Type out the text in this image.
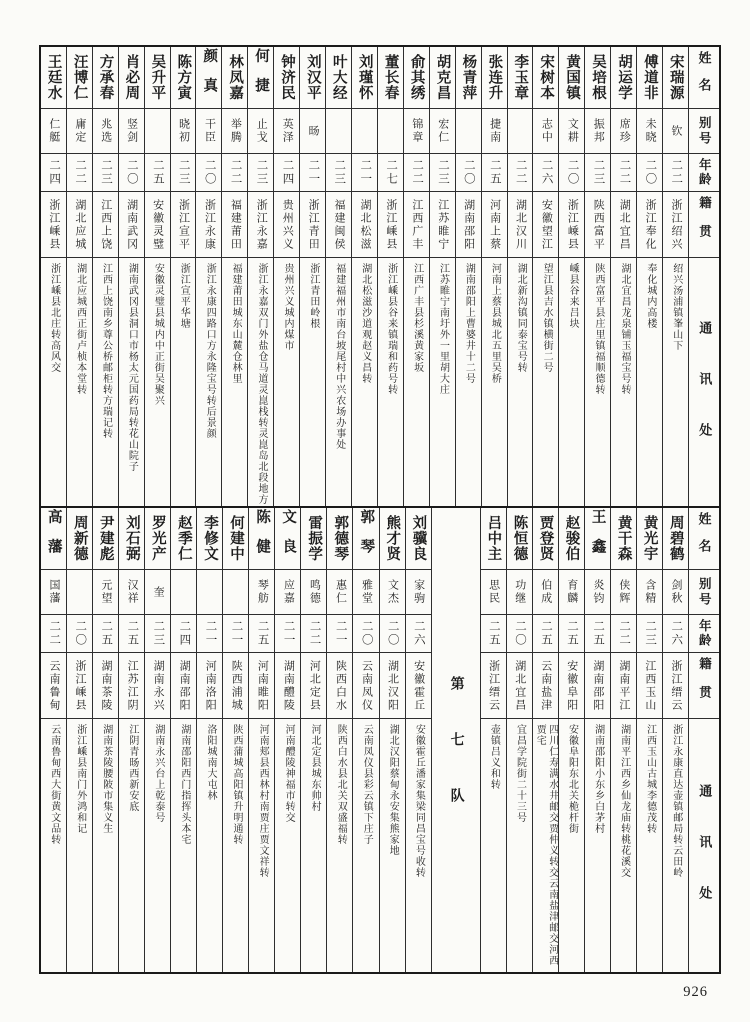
姓名
别号
年龄
籍贯
通讯处
宋瑞源
钦
二二
浙江绍兴
绍兴汤浦镇峯山下
傅道非
未晓
二〇
浙江奉化
奉化城内高楼
胡运学
席珍
二二
湖北宜昌
湖北宜昌龙泉铺玉福宝号转
吴培根
振邦
二三
陕西富平
陕西富平县庄里镇福顺德转
黄国镇
文耕
二〇
浙江嵊县
嵊县谷来吕块
宋树本
志中
二六
安徽望江
望江县吉水镇横街二号
李玉章
二二
湖北汉川
湖北新沟镇同泰宝号转
张连升
捷南
二五
河南上蔡
河南上蔡县城北五里吴桥
杨青萍
二〇
湖南邵阳
湖南邵阳上曹婆井十二号
胡克昌
宏仁
二三
江苏睢宁
江苏睢宁南圩外一里胡大庄
俞其绣
锦章
二二
江西广丰
江西广丰县杉溪黄家坂
董长春
二七
浙江嵊县
浙江嵊县谷来镇瑞和药号转
刘瑾怀
二一
湖北松滋
湖北松滋沙道观赵义昌转
叶大经
二三
福建闽侯
福建福州市南台坡尾村中兴农场办事处
刘汉平
旸
二一
浙江青田
浙江青田岭根
钟济民
英泽
二四
贵州兴义
贵州兴义城内煤市
何捷
止戈
二三
浙江永嘉
浙江永嘉双门外盐仓马道灵崑栈转灵崑岛北段地方
林凤嘉
举腾
二二
福建莆田
福建莆田城东山麓仓林里
颜真
干臣
二〇
浙江永康
浙江永康四路口方永隆宝号转后景颜
陈方寅
晓初
二三
浙江宣平
浙江宣平华塘
吴升平
二五
安徽灵璧
安徽灵璧县城内中正街吴聚兴
肖必周
竖剑
二〇
湖南武冈
湖南武冈县洞口市杨太元国药局转花山院子
方承春
兆选
二三
江西上饶
江西上饶南乡尊公桥邮柜转方瑞记转
汪博仁
庸定
二二
湖北应城
湖北应城西正街卢桢本堂转
王廷水
仁艇
二四
浙江嵊县
浙江嵊县北庄转高风交
姓名
别号
年龄
籍贯
通讯处
周碧鹤
剑秋
二六
浙江缙云
浙江永康直达壶镇邮局转云田岭
黄光宇
含精
二三
江西玉山
江西玉山古城李德茂转
黄干森
侠辉
二二
湖南平江
湖南平江西乡仙龙庙转桃花溪交
王鑫
炎钧
二五
湖南邵阳
湖南邵阳小东乡白茅村
赵骏伯
育麟
二五
安徽阜阳
安徽阜阳东北关桅杆街
贾登贤
伯成
二五
云南盐津
四川仁寿满水井邮交贾仲义转交云南盐津邮交河西贾宅
陈恒德
功继
二〇
湖北宜昌
宜昌学院街二十三号
吕中主
思民
二五
浙江缙云
壶镇吕义和转
第七队
刘骥良
家驹
二六
安徽霍丘
安徽霍丘潘家集梁同昌宝号收转
熊才贤
文杰
二〇
湖北汉阳
湖北汉阳蔡甸永安集熊家地
郭琴
雅堂
二〇
云南凤仪
云南凤仪县彩云镇下庄子
郭德琴
惠仁
二一
陕西白水
陕西白水县北关双盛福转
雷振学
鸣德
二二
河北定县
河北定县城东帅村
文良
应嘉
二一
湖南醴陵
河南醴陵神福市转交
陈健
琴舫
二五
河南睢阳
河南郏县西林村南贾庄贾文祥转
何建中
二一
陕西浦城
陕西蒲城高阳镇升明通转
李修文
二一
河南洛阳
洛阳城南大屯林
赵季仁
二四
湖南邵阳
湖南邵阳西门指挥头本宅
罗光产
奎
二三
湖南永兴
湖南永兴台上乾泰号
刘石弼
汉祥
二五
江苏江阴
江阴青旸西新安底
尹建彪
元望
二五
湖南茶陵
湖南茶陵腰陂市集义生
周新德
二〇
浙江嵊县
浙江嵊县南门外鸿和记
高藩
国藩
二二
云南鲁甸
云南鲁甸西大街黄文品转
926
